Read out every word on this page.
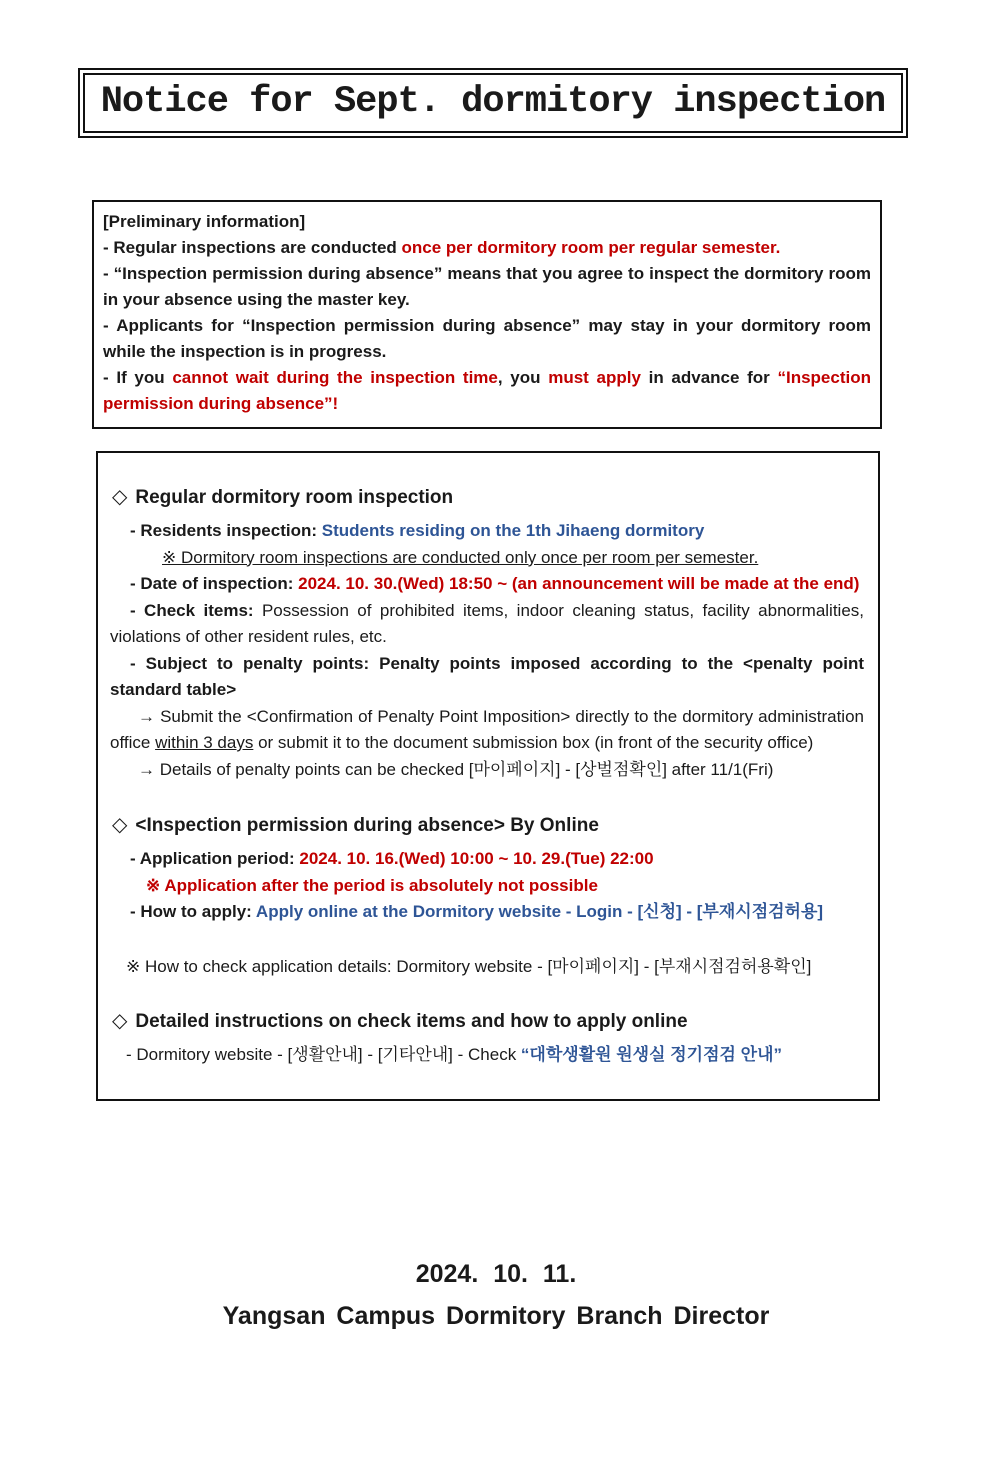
Notice for Sept. dormitory inspection

[Preliminary information]

- Regular inspections are conducted once per dormitory room per regular semester.

- “Inspection permission during absence” means that you agree to inspect the dormitory room in your absence using the master key.

- Applicants for “Inspection permission during absence” may stay in your dormitory room while the inspection is in progress.

- If you cannot wait during the inspection time, you must apply in advance for “Inspection permission during absence”!

◇ Regular dormitory room inspection

- Residents inspection: Students residing on the 1th Jihaeng dormitory

※ Dormitory room inspections are conducted only once per room per semester.

- Date of inspection: 2024. 10. 30.(Wed) 18:50 ~ (an announcement will be made at the end)

- Check items: Possession of prohibited items, indoor cleaning status, facility abnormalities, violations of other resident rules, etc.

- Subject to penalty points: Penalty points imposed according to the <penalty point standard table>

→ Submit the <Confirmation of Penalty Point Imposition> directly to the dormitory administration office within 3 days or submit it to the document submission box (in front of the security office)

→ Details of penalty points can be checked [마이페이지] - [상벌점확인] after 11/1(Fri)

◇ <Inspection permission during absence> By Online

- Application period: 2024. 10. 16.(Wed) 10:00 ~ 10. 29.(Tue) 22:00

※ Application after the period is absolutely not possible

- How to apply: Apply online at the Dormitory website - Login - [신청] - [부재시점검허용]

※ How to check application details: Dormitory website - [마이페이지] - [부재시점검허용확인]

◇ Detailed instructions on check items and how to apply online

- Dormitory website - [생활안내] - [기타안내] - Check “대학생활원 원생실 정기점검 안내”

2024. 10. 11.

Yangsan Campus Dormitory Branch Director
